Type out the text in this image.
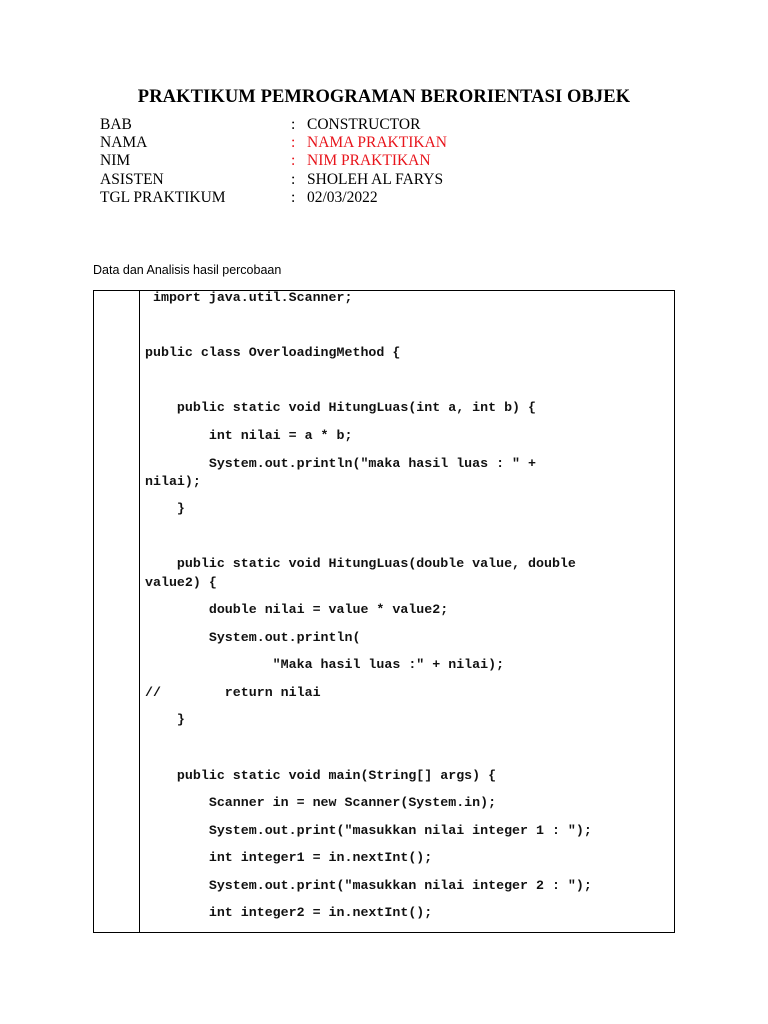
PRAKTIKUM PEMROGRAMAN BERORIENTASI OBJEK
BAB	: CONSTRUCTOR
NAMA	: NAMA PRAKTIKAN
NIM	: NIM PRAKTIKAN
ASISTEN	: SHOLEH AL FARYS
TGL PRAKTIKUM	: 02/03/2022
Data dan Analisis hasil percobaan
import java.util.Scanner;
public class OverloadingMethod {
public static void HitungLuas(int a, int b) {
int nilai = a * b;
System.out.println("maka hasil luas : " +
nilai);
}
public static void HitungLuas(double value, double
value2) {
double nilai = value * value2;
System.out.println(
"Maka hasil luas :" + nilai);
//        return nilai
}
public static void main(String[] args) {
Scanner in = new Scanner(System.in);
System.out.print("masukkan nilai integer 1 : ");
int integer1 = in.nextInt();
System.out.print("masukkan nilai integer 2 : ");
int integer2 = in.nextInt();
